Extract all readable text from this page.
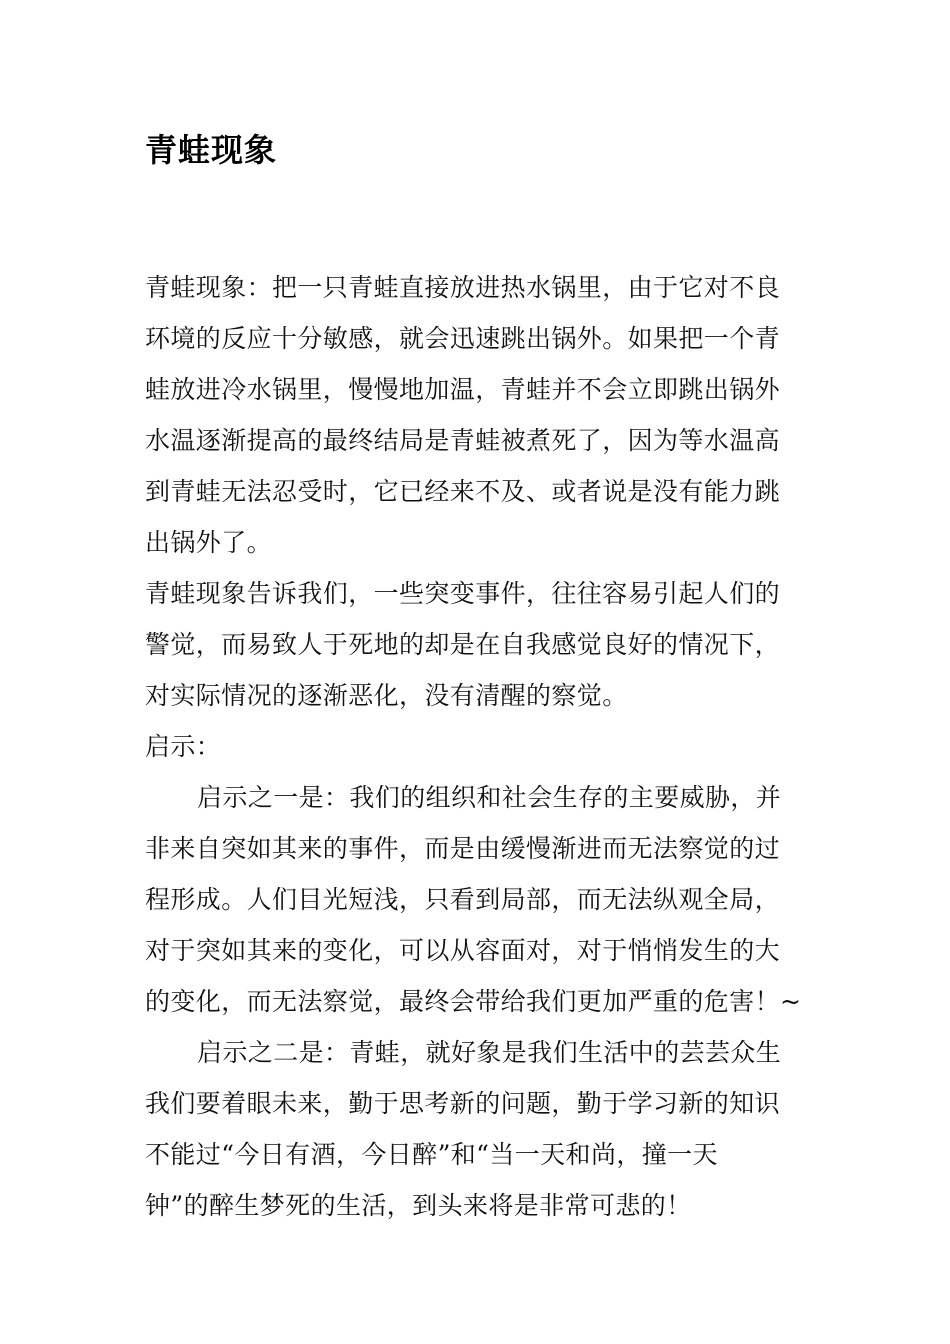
青蛙现象
青蛙现象：把一只青蛙直接放进热水锅里，由于它对不良
环境的反应十分敏感，就会迅速跳出锅外。如果把一个青
蛙放进冷水锅里，慢慢地加温，青蛙并不会立即跳出锅外
水温逐渐提高的最终结局是青蛙被煮死了，因为等水温高
到青蛙无法忍受时，它已经来不及、或者说是没有能力跳
出锅外了。
青蛙现象告诉我们，一些突变事件，往往容易引起人们的
警觉，而易致人于死地的却是在自我感觉良好的情况下，
对实际情况的逐渐恶化，没有清醒的察觉。
启示：
启示之一是：我们的组织和社会生存的主要威胁，并
非来自突如其来的事件，而是由缓慢渐进而无法察觉的过
程形成。人们目光短浅，只看到局部，而无法纵观全局，
对于突如其来的变化，可以从容面对，对于悄悄发生的大
的变化，而无法察觉，最终会带给我们更加严重的危害！~
启示之二是：青蛙，就好象是我们生活中的芸芸众生
我们要着眼未来，勤于思考新的问题，勤于学习新的知识
不能过“今日有酒，今日醉”和“当一天和尚，撞一天
钟”的醉生梦死的生活，到头来将是非常可悲的！
